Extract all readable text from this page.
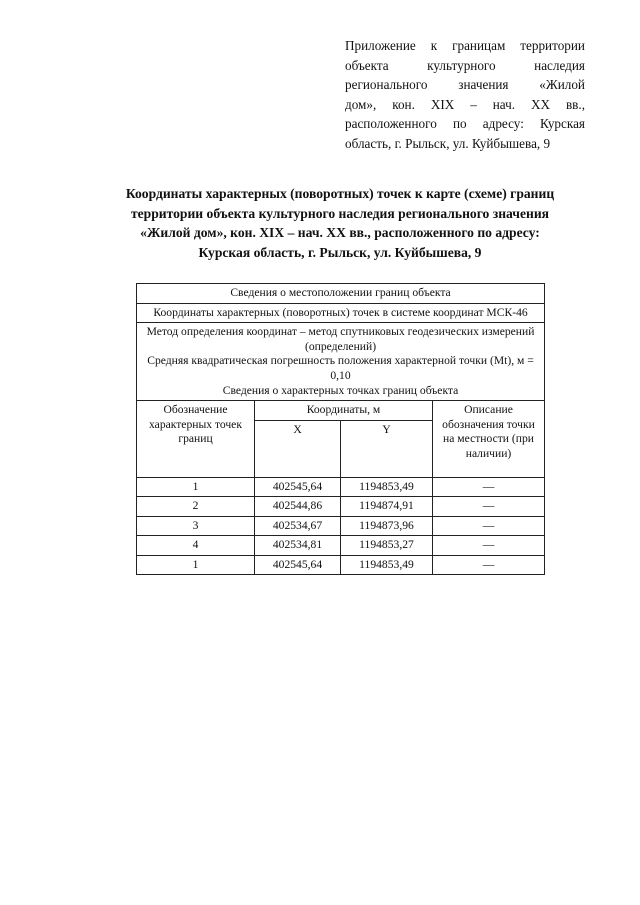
Приложение к границам территории
объекта культурного наследия
регионального значения «Жилой
дом», кон. XIX – нач. XX вв.,
расположенного по адресу: Курская
область, г. Рыльск, ул. Куйбышева, 9
Координаты характерных (поворотных) точек к карте (схеме) границ
территории объекта культурного наследия регионального значения
«Жилой дом», кон. XIX – нач. XX вв., расположенного по адресу:
Курская область, г. Рыльск, ул. Куйбышева, 9
Сведения о местоположении границ объекта			
Координаты характерных (поворотных) точек в системе координат МСК-46			

Метод определения координат – метод спутниковых геодезических измерений (определений)
Средняя квадратическая погрешность положения характерной точки (Mt), м = 0,10
Сведения о характерных точках границ объекта			

Обозначение характерных точек границ	Координаты, м		Описание обозначения точки на местности (при наличии)
	X	Y	
1	402545,64	1194853,49	—
2	402544,86	1194874,91	—
3	402534,67	1194873,96	—
4	402534,81	1194853,27	—
1	402545,64	1194853,49	—
